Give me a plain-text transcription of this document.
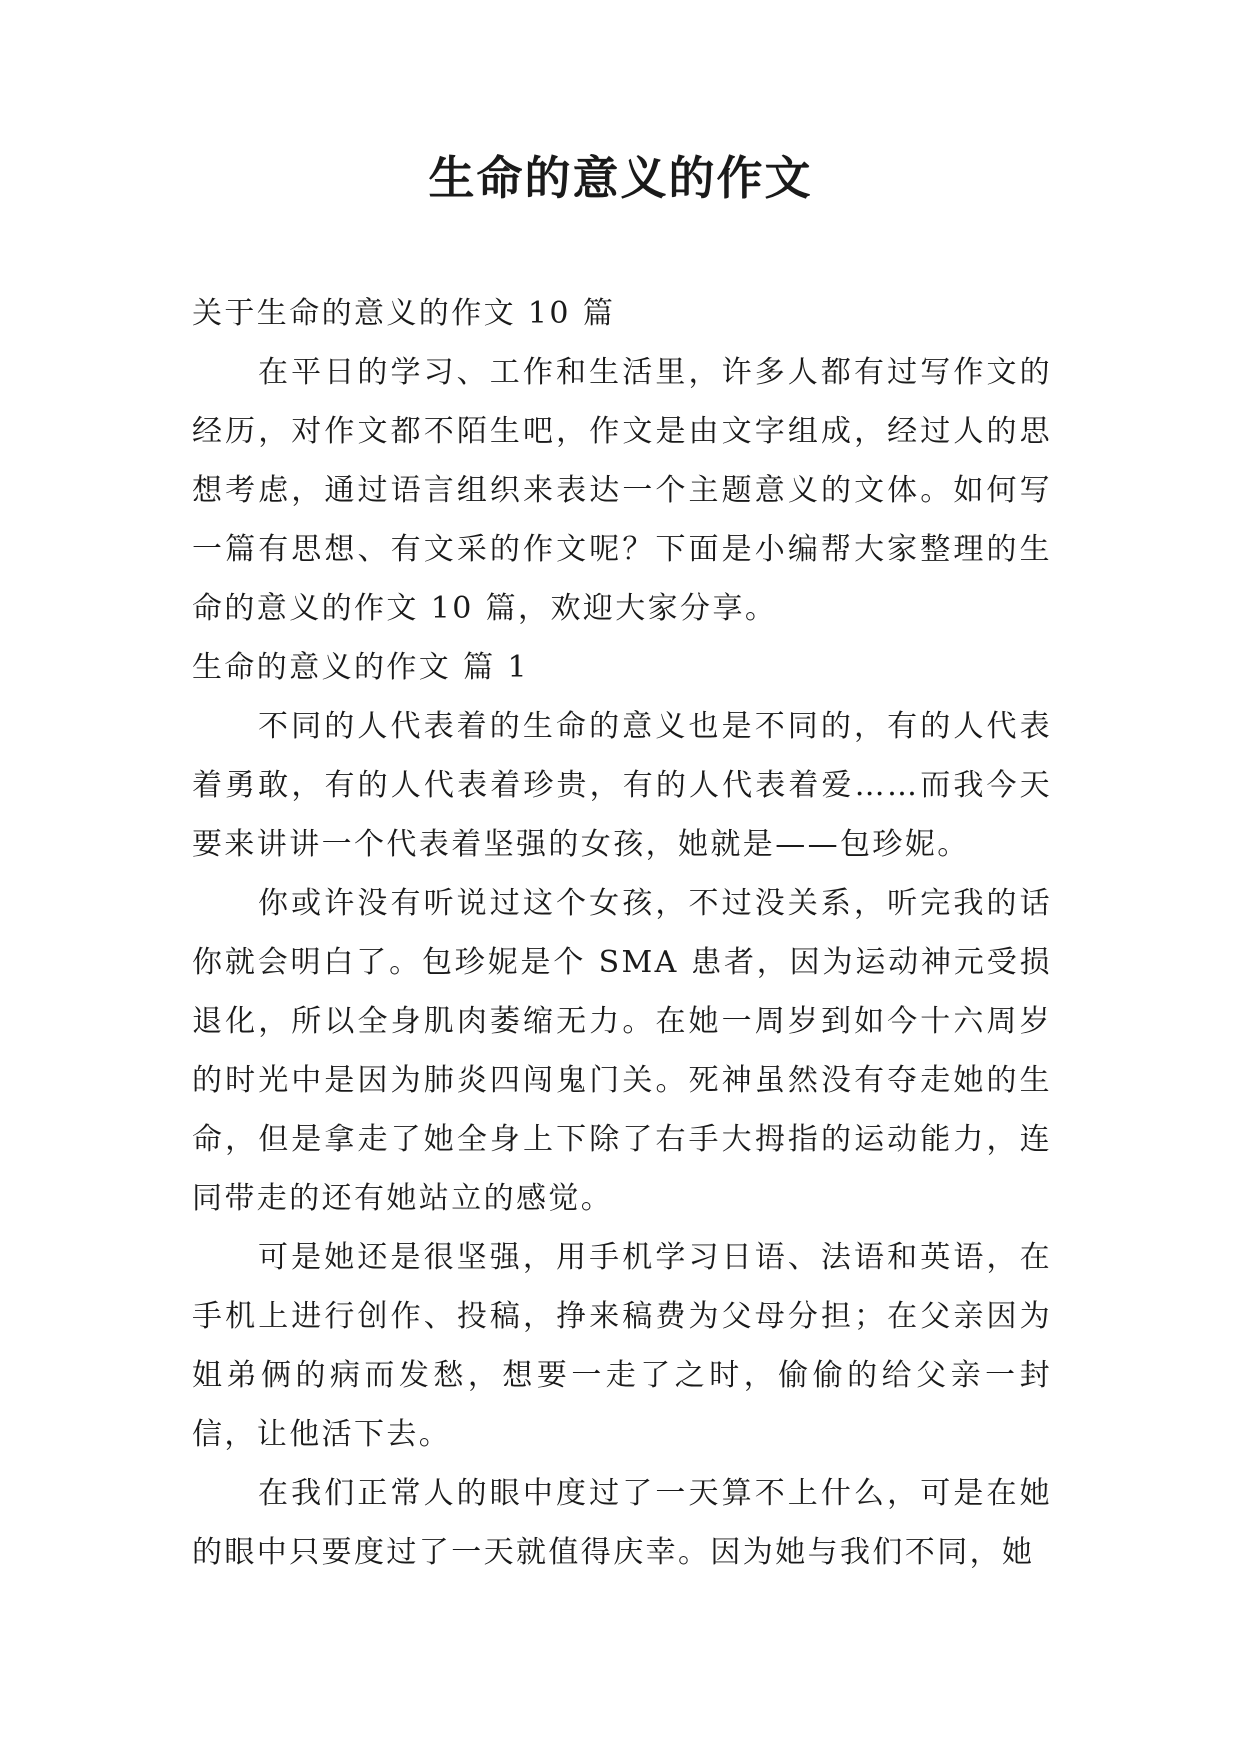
生命的意义的作文

关于生命的意义的作文 10 篇

在平日的学习、工作和生活里，许多人都有过写作文的经历，对作文都不陌生吧，作文是由文字组成，经过人的思想考虑，通过语言组织来表达一个主题意义的文体。如何写一篇有思想、有文采的作文呢？下面是小编帮大家整理的生命的意义的作文 10 篇，欢迎大家分享。

生命的意义的作文 篇 1

不同的人代表着的生命的意义也是不同的，有的人代表着勇敢，有的人代表着珍贵，有的人代表着爱……而我今天要来讲讲一个代表着坚强的女孩，她就是——包珍妮。

你或许没有听说过这个女孩，不过没关系，听完我的话你就会明白了。包珍妮是个 SMA 患者，因为运动神元受损退化，所以全身肌肉萎缩无力。在她一周岁到如今十六周岁的时光中是因为肺炎四闯鬼门关。死神虽然没有夺走她的生命，但是拿走了她全身上下除了右手大拇指的运动能力，连同带走的还有她站立的感觉。

可是她还是很坚强，用手机学习日语、法语和英语，在手机上进行创作、投稿，挣来稿费为父母分担；在父亲因为姐弟俩的病而发愁，想要一走了之时，偷偷的给父亲一封信，让他活下去。

在我们正常人的眼中度过了一天算不上什么，可是在她的眼中只要度过了一天就值得庆幸。因为她与我们不同，她
